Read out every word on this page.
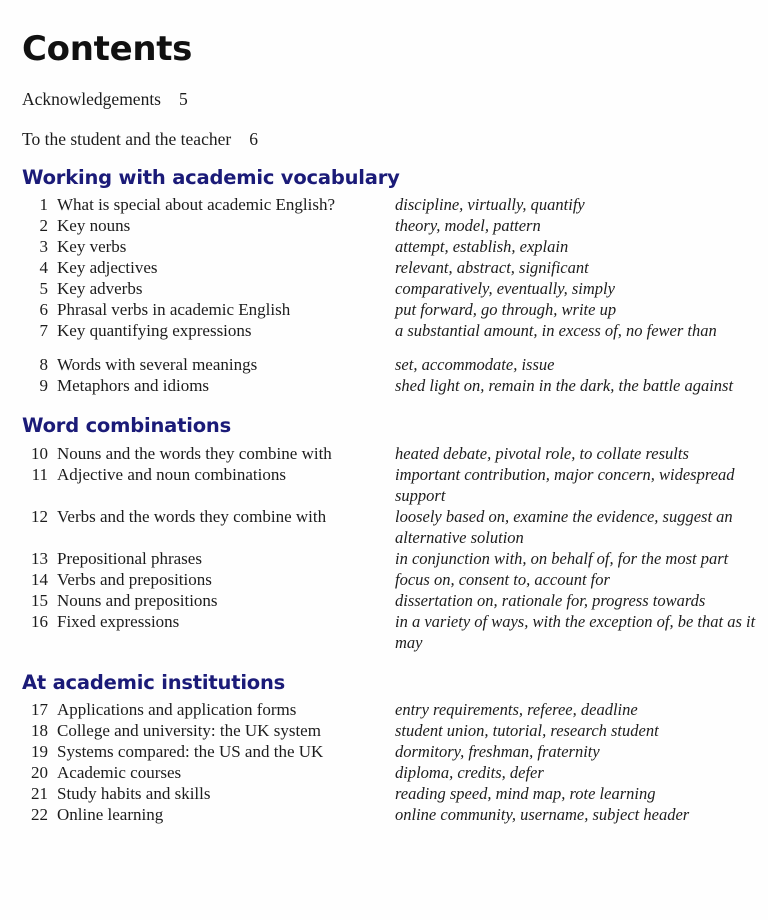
Contents
Acknowledgements 5
To the student and the teacher 6
Working with academic vocabulary
1 What is special about academic English?	discipline, virtually, quantify
2 Key nouns	theory, model, pattern
3 Key verbs	attempt, establish, explain
4 Key adjectives	relevant, abstract, significant
5 Key adverbs	comparatively, eventually, simply
6 Phrasal verbs in academic English	put forward, go through, write up
7 Key quantifying expressions	a substantial amount, in excess of, no fewer than
8 Words with several meanings	set, accommodate, issue
9 Metaphors and idioms	shed light on, remain in the dark, the battle against
Word combinations
10 Nouns and the words they combine with	heated debate, pivotal role, to collate results
11 Adjective and noun combinations	important contribution, major concern, widespread support
12 Verbs and the words they combine with	loosely based on, examine the evidence, suggest an alternative solution
13 Prepositional phrases	in conjunction with, on behalf of, for the most part
14 Verbs and prepositions	focus on, consent to, account for
15 Nouns and prepositions	dissertation on, rationale for, progress towards
16 Fixed expressions	in a variety of ways, with the exception of, be that as it may
At academic institutions
17 Applications and application forms	entry requirements, referee, deadline
18 College and university: the UK system	student union, tutorial, research student
19 Systems compared: the US and the UK	dormitory, freshman, fraternity
20 Academic courses	diploma, credits, defer
21 Study habits and skills	reading speed, mind map, rote learning
22 Online learning	online community, username, subject header
